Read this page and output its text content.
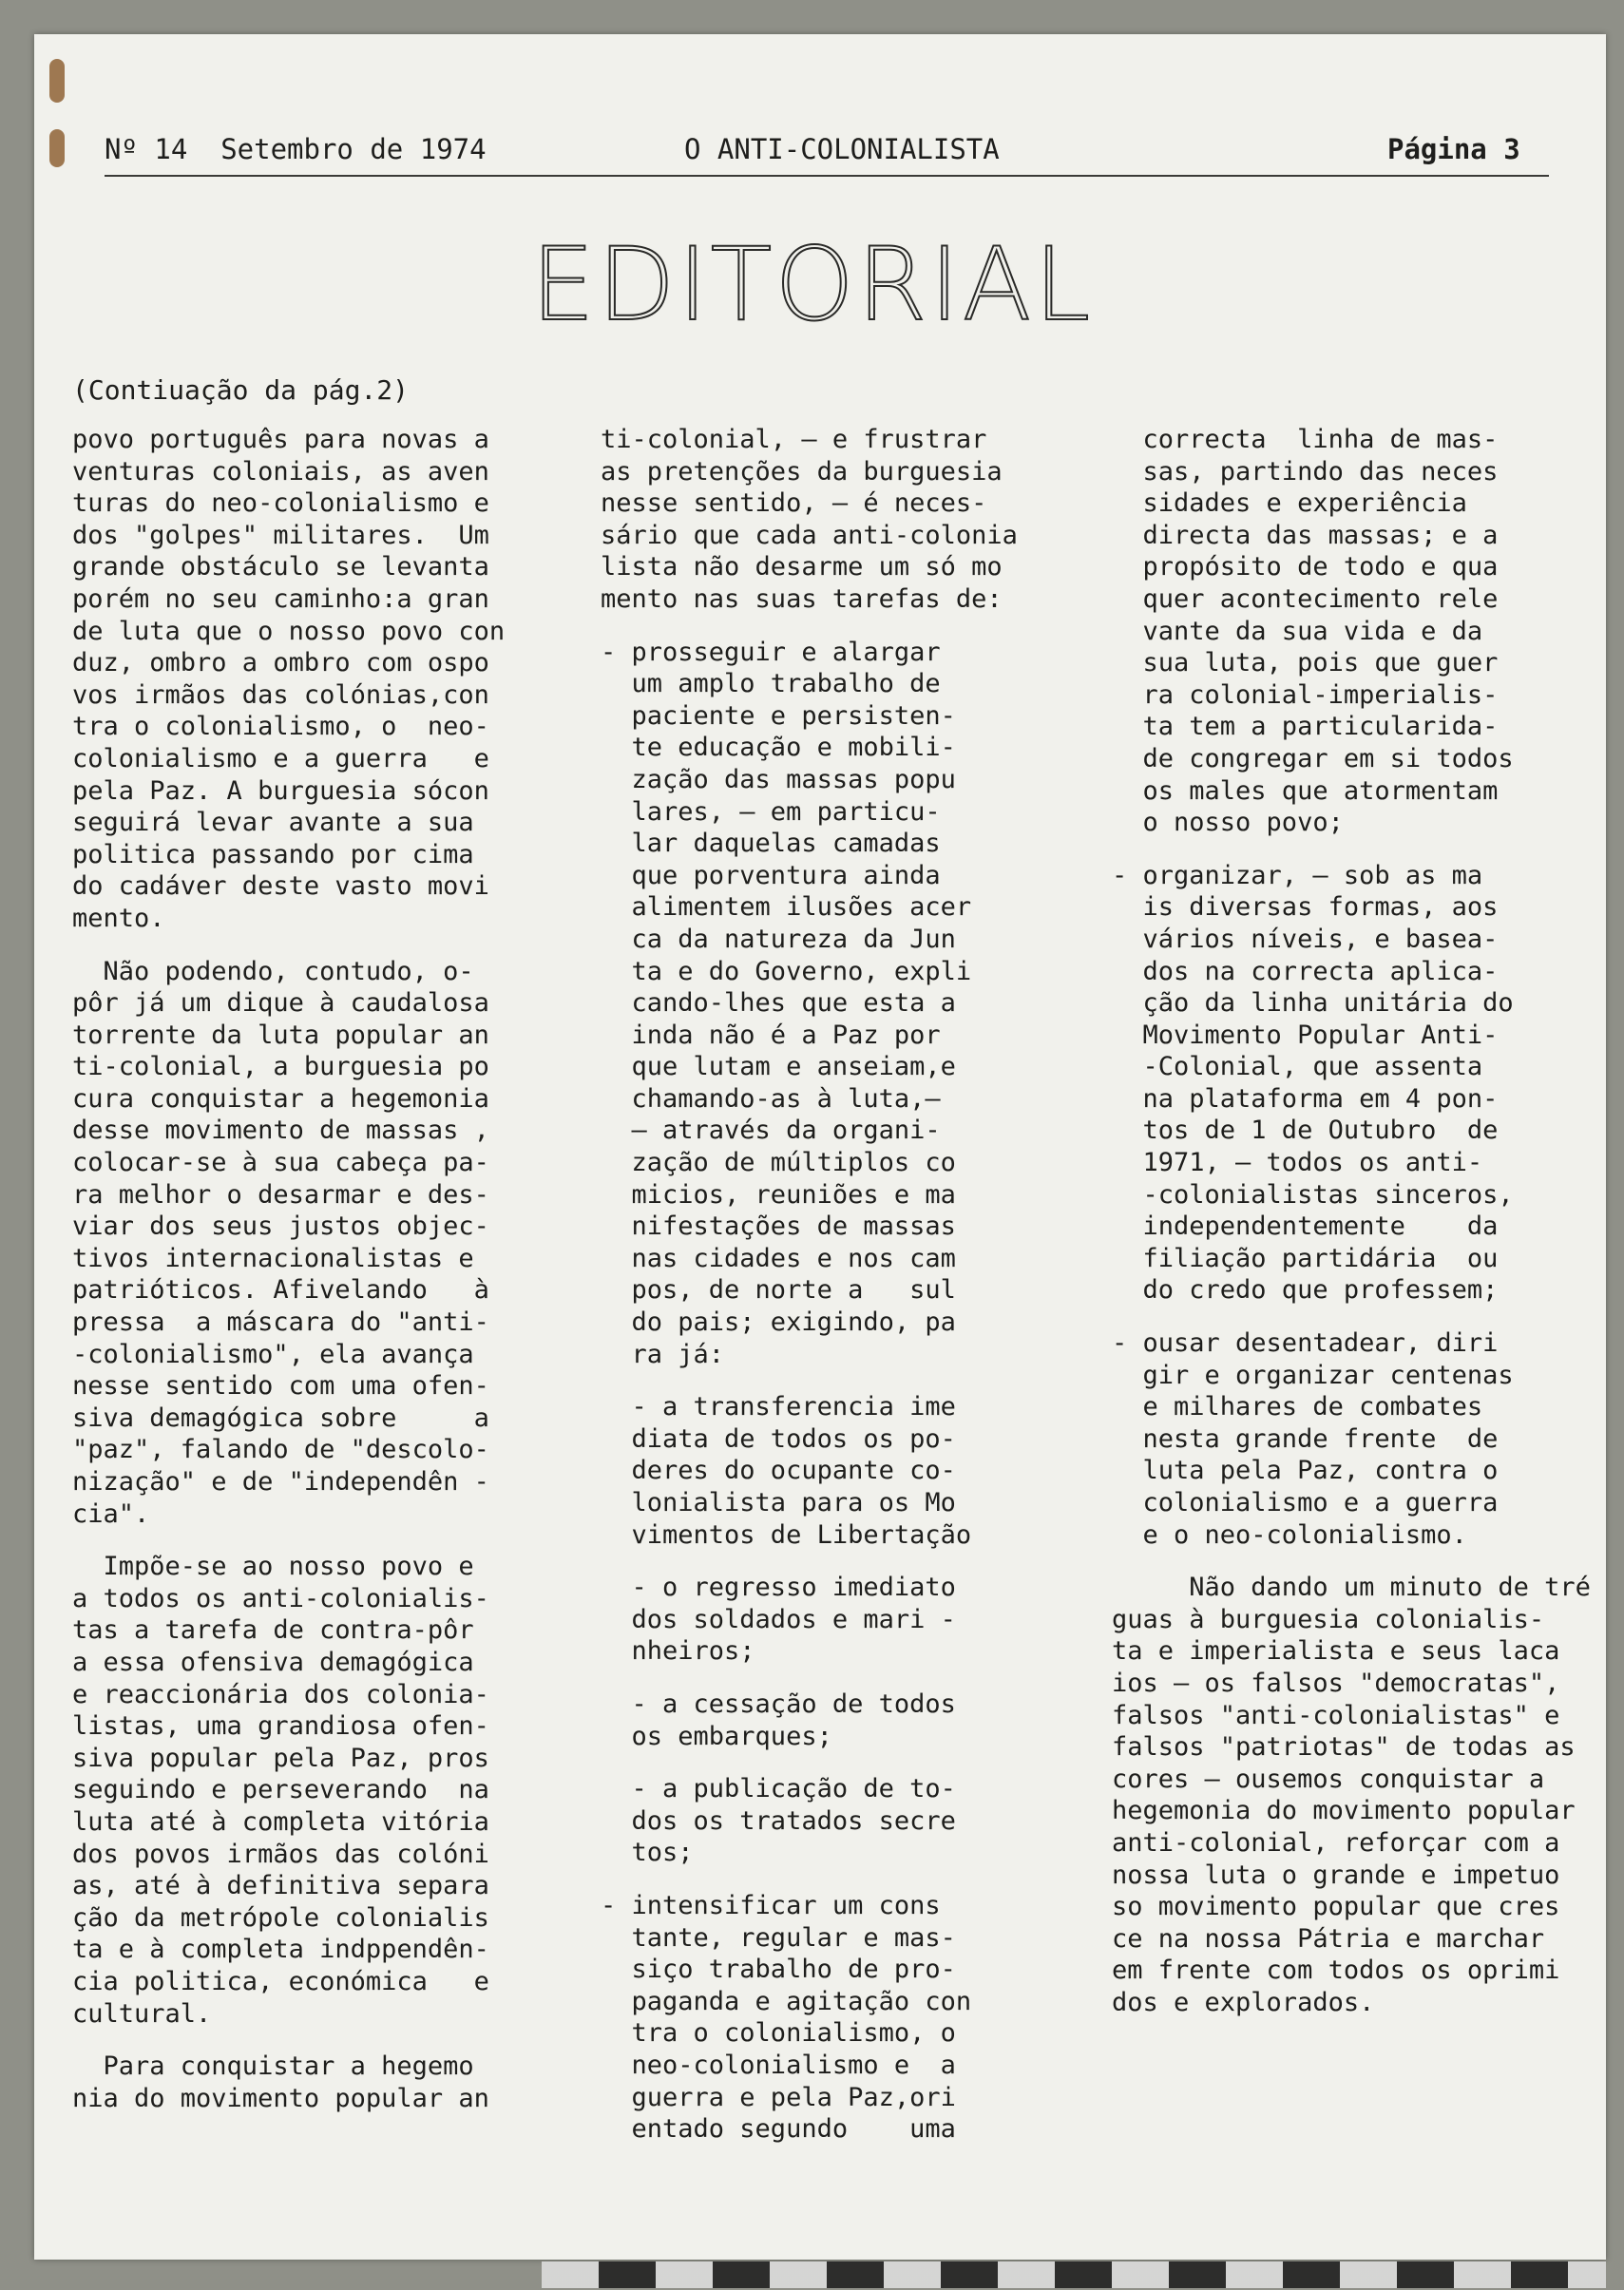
Nº 14  Setembro de 1974	O ANTI-COLONIALISTA	Página 3
EDITORIAL
(Contiuação da pág.2)

povo português para novas a
venturas coloniais, as aven
turas do neo-colonialismo e
dos "golpes" militares.  Um
grande obstáculo se levanta
porém no seu caminho:a gran
de luta que o nosso povo con
duz, ombro a ombro com ospo
vos irmãos das colónias,con
tra o colonialismo, o  neo-
colonialismo e a guerra   e
pela Paz. A burguesia sócon
seguirá levar avante a sua
politica passando por cima
do cadáver deste vasto movi
mento.

Não podendo, contudo, o-
pôr já um dique à caudalosa
torrente da luta popular an
ti-colonial, a burguesia po
cura conquistar a hegemonia
desse movimento de massas ,
colocar-se à sua cabeça pa-
ra melhor o desarmar e des-
viar dos seus justos objec-
tivos internacionalistas e
patrióticos. Afivelando   à
pressa  a máscara do "anti-
-colonialismo", ela avança
nesse sentido com uma ofen-
siva demagógica sobre     a
"paz", falando de "descolo-
nização" e de "independên -
cia".

Impõe-se ao nosso povo e
a todos os anti-colonialis-
tas a tarefa de contra-pôr
a essa ofensiva demagógica
e reaccionária dos colonia-
listas, uma grandiosa ofen-
siva popular pela Paz, pros
seguindo e perseverando  na
luta até à completa vitória
dos povos irmãos das colóni
as, até à definitiva separa
ção da metrópole colonialis
ta e à completa indppendên-
cia politica, económica   e
cultural.

Para conquistar a hegemo
nia do movimento popular an

ti-colonial, — e frustrar
as pretenções da burguesia
nesse sentido, — é neces-
sário que cada anti-colonia
lista não desarme um só mo
mento nas suas tarefas de:

- prosseguir e alargar
um amplo trabalho de
paciente e persisten-
te educação e mobili-
zação das massas popu
lares, — em particu-
lar daquelas camadas
que porventura ainda
alimentem ilusões acer
ca da natureza da Jun
ta e do Governo, expli
cando-lhes que esta a
inda não é a Paz por
que lutam e anseiam,e
chamando-as à luta,—
— através da organi-
zação de múltiplos co
micios, reuniões e ma
nifestações de massas
nas cidades e nos cam
pos, de norte a   sul
do pais; exigindo, pa
ra já:

- a transferencia ime
diata de todos os po-
deres do ocupante co-
lonialista para os Mo
vimentos de Libertação

- o regresso imediato
dos soldados e mari -
nheiros;

- a cessação de todos
os embarques;

- a publicação de to-
dos os tratados secre
tos;

- intensificar um cons
tante, regular e mas-
siço trabalho de pro-
paganda e agitação con
tra o colonialismo, o
neo-colonialismo e  a
guerra e pela Paz,ori
entado segundo    uma

correcta  linha de mas-
sas, partindo das neces
sidades e experiência
directa das massas; e a
propósito de todo e qua
quer acontecimento rele
vante da sua vida e da
sua luta, pois que guer
ra colonial-imperialis-
ta tem a particularida-
de congregar em si todos
os males que atormentam
o nosso povo;

- organizar, — sob as ma
is diversas formas, aos
vários níveis, e basea-
dos na correcta aplica-
ção da linha unitária do
Movimento Popular Anti-
-Colonial, que assenta
na plataforma em 4 pon-
tos de 1 de Outubro  de
1971, — todos os anti-
-colonialistas sinceros,
independentemente    da
filiação partidária  ou
do credo que professem;

- ousar desentadear, diri
gir e organizar centenas
e milhares de combates
nesta grande frente  de
luta pela Paz, contra o
colonialismo e a guerra
e o neo-colonialismo.

Não dando um minuto de tré
guas à burguesia colonialis-
ta e imperialista e seus laca
ios — os falsos "democratas",
falsos "anti-colonialistas" e
falsos "patriotas" de todas as
cores — ousemos conquistar a
hegemonia do movimento popular
anti-colonial, reforçar com a
nossa luta o grande e impetuo
so movimento popular que cres
ce na nossa Pátria e marchar
em frente com todos os oprimi
dos e explorados.
